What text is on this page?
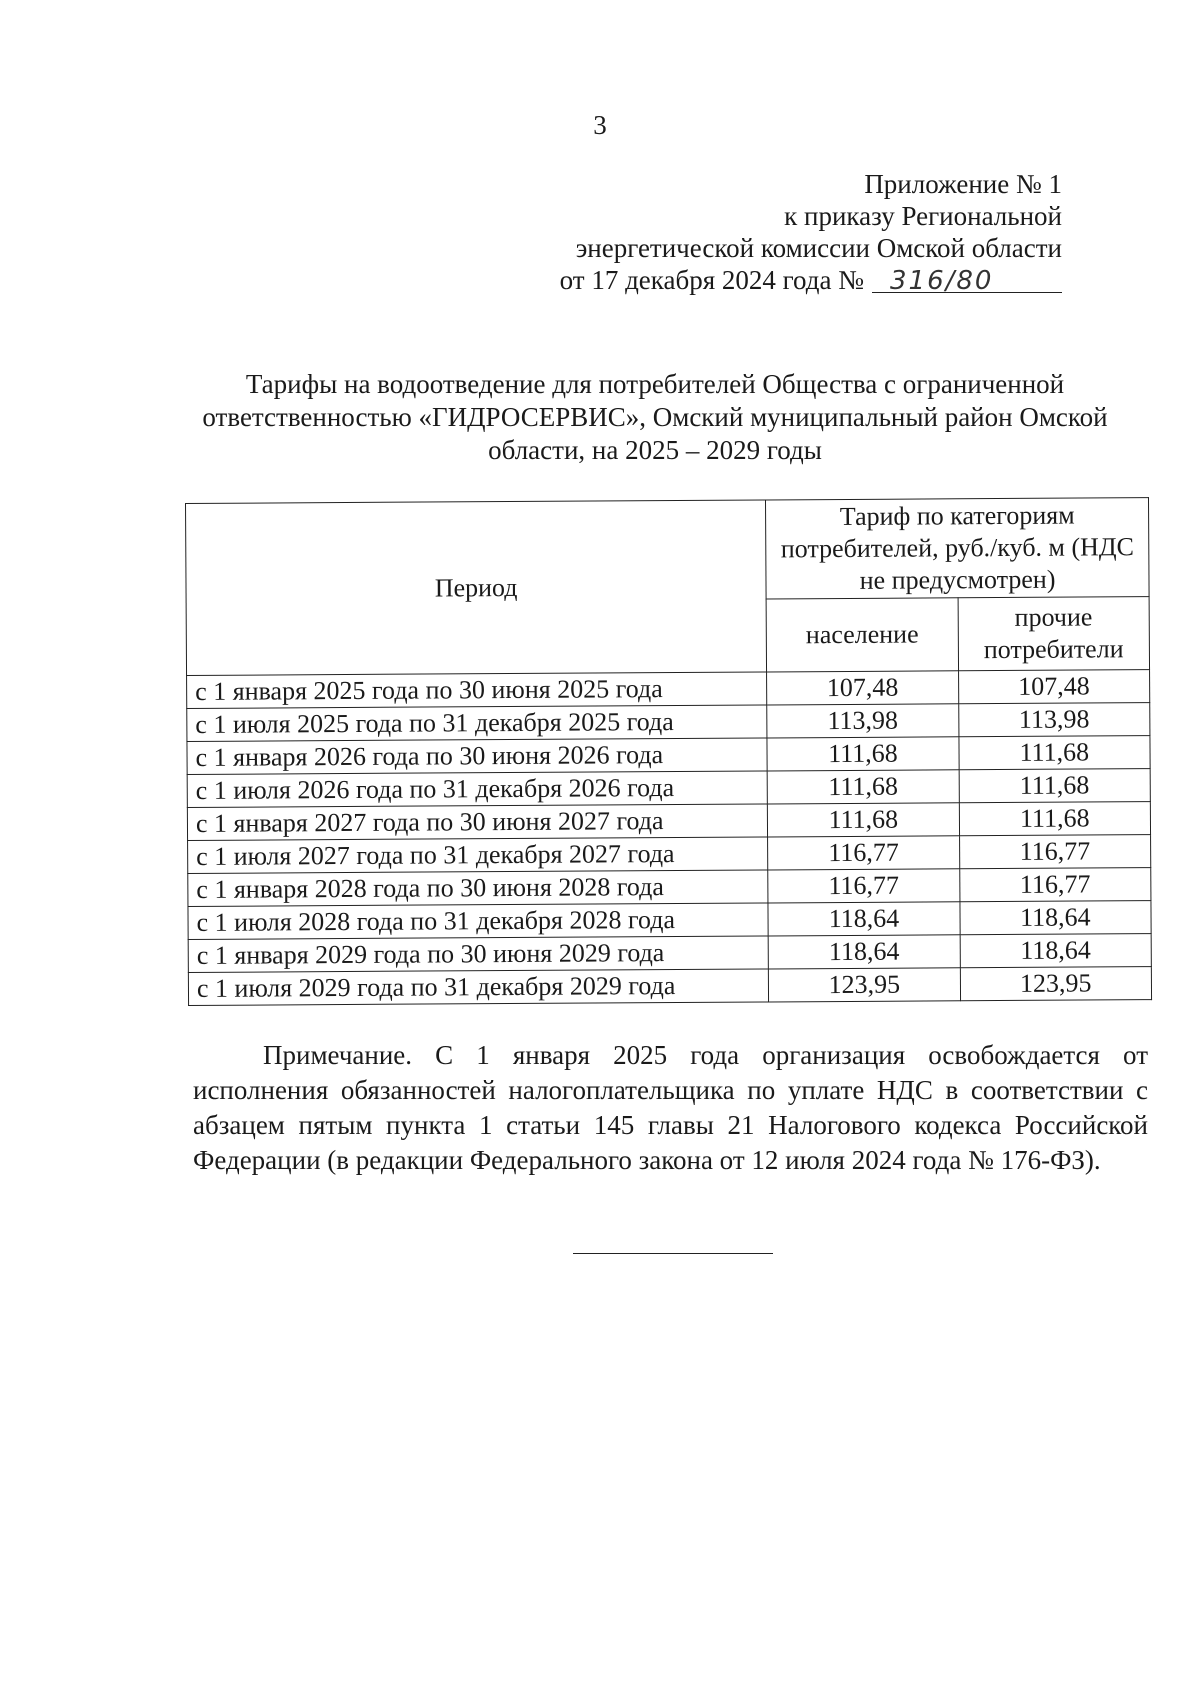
3
Приложение № 1
к приказу Региональной
энергетической комиссии Омской области
от 17 декабря 2024 года № 316/80
Тарифы на водоотведение для потребителей Общества с ограниченной ответственностью «ГИДРОСЕРВИС», Омский муниципальный район Омской области, на 2025 – 2029 годы
Период	Тариф по категориям потребителей, руб./куб. м (НДС не предусмотрен)	
	население	прочие потребители
с 1 января 2025 года по 30 июня 2025 года	107,48	107,48
с 1 июля 2025 года по 31 декабря 2025 года	113,98	113,98
с 1 января 2026 года по 30 июня 2026 года	111,68	111,68
с 1 июля 2026 года по 31 декабря 2026 года	111,68	111,68
с 1 января 2027 года по 30 июня 2027 года	111,68	111,68
с 1 июля 2027 года по 31 декабря 2027 года	116,77	116,77
с 1 января 2028 года по 30 июня 2028 года	116,77	116,77
с 1 июля 2028 года по 31 декабря 2028 года	118,64	118,64
с 1 января 2029 года по 30 июня 2029 года	118,64	118,64
с 1 июля 2029 года по 31 декабря 2029 года	123,95	123,95

Примечание. С 1 января 2025 года организация освобождается от исполнения обязанностей налогоплательщика по уплате НДС в соответствии с абзацем пятым пункта 1 статьи 145 главы 21 Налогового кодекса Российской Федерации (в редакции Федерального закона от 12 июля 2024 года № 176-ФЗ).
